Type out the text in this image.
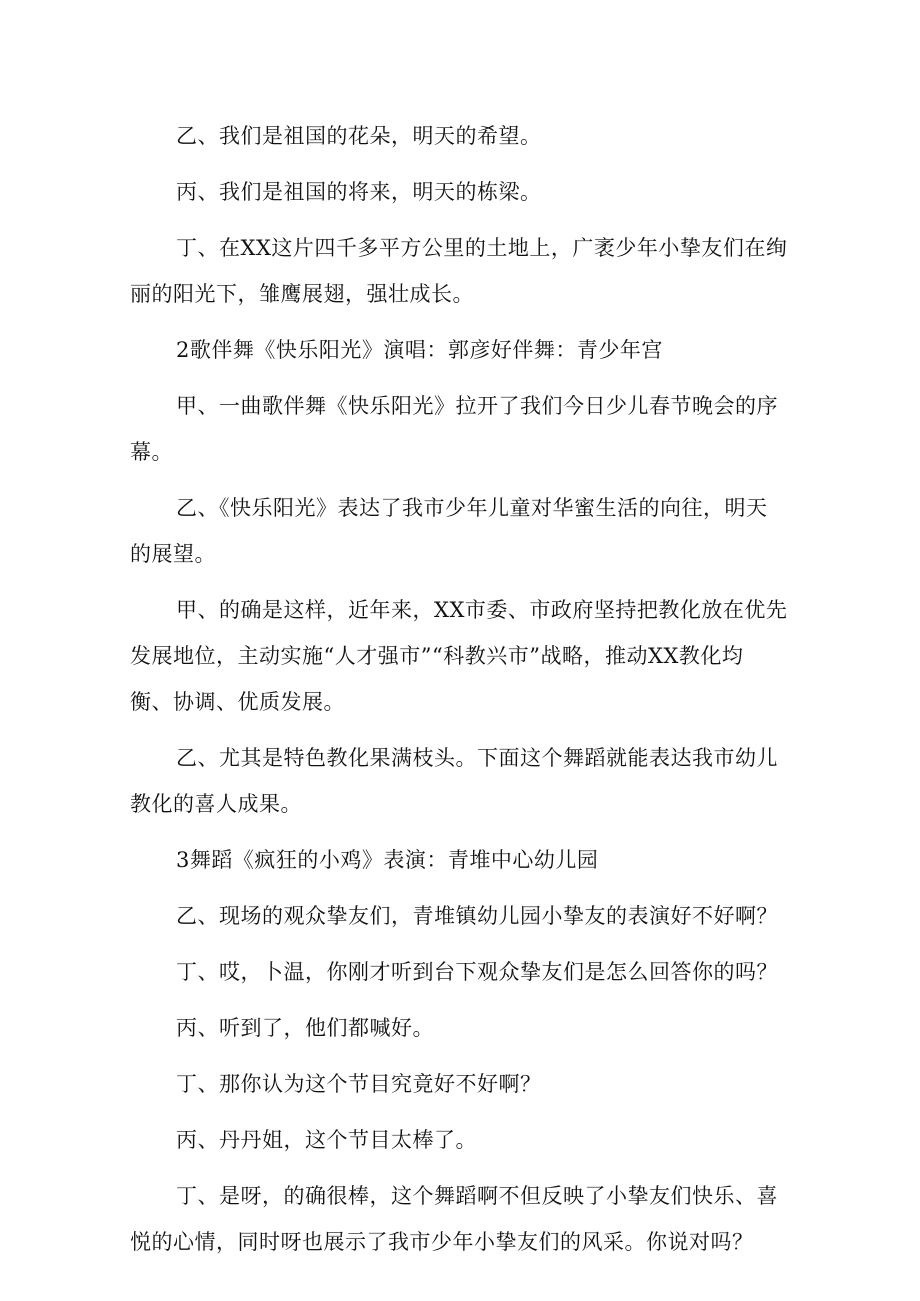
乙、我们是祖国的花朵，明天的希望。

丙、我们是祖国的将来，明天的栋梁。

丁、在XX这片四千多平方公里的土地上，广袤少年小挚友们在绚
丽的阳光下，雏鹰展翅，强壮成长。

2歌伴舞《快乐阳光》演唱：郭彦好伴舞：青少年宫

甲、一曲歌伴舞《快乐阳光》拉开了我们今日少儿春节晚会的序
幕。

乙、《快乐阳光》表达了我市少年儿童对华蜜生活的向往，明天
的展望。

甲、的确是这样，近年来，XX市委、市政府坚持把教化放在优先
发展地位，主动实施“人才强市”“科教兴市”战略，推动XX教化均
衡、协调、优质发展。

乙、尤其是特色教化果满枝头。下面这个舞蹈就能表达我市幼儿
教化的喜人成果。

3舞蹈《疯狂的小鸡》表演：青堆中心幼儿园

乙、现场的观众挚友们，青堆镇幼儿园小挚友的表演好不好啊？

丁、哎，卜温，你刚才听到台下观众挚友们是怎么回答你的吗？

丙、听到了，他们都喊好。

丁、那你认为这个节目究竟好不好啊？

丙、丹丹姐，这个节目太棒了。

丁、是呀，的确很棒，这个舞蹈啊不但反映了小挚友们快乐、喜
悦的心情，同时呀也展示了我市少年小挚友们的风采。你说对吗？
